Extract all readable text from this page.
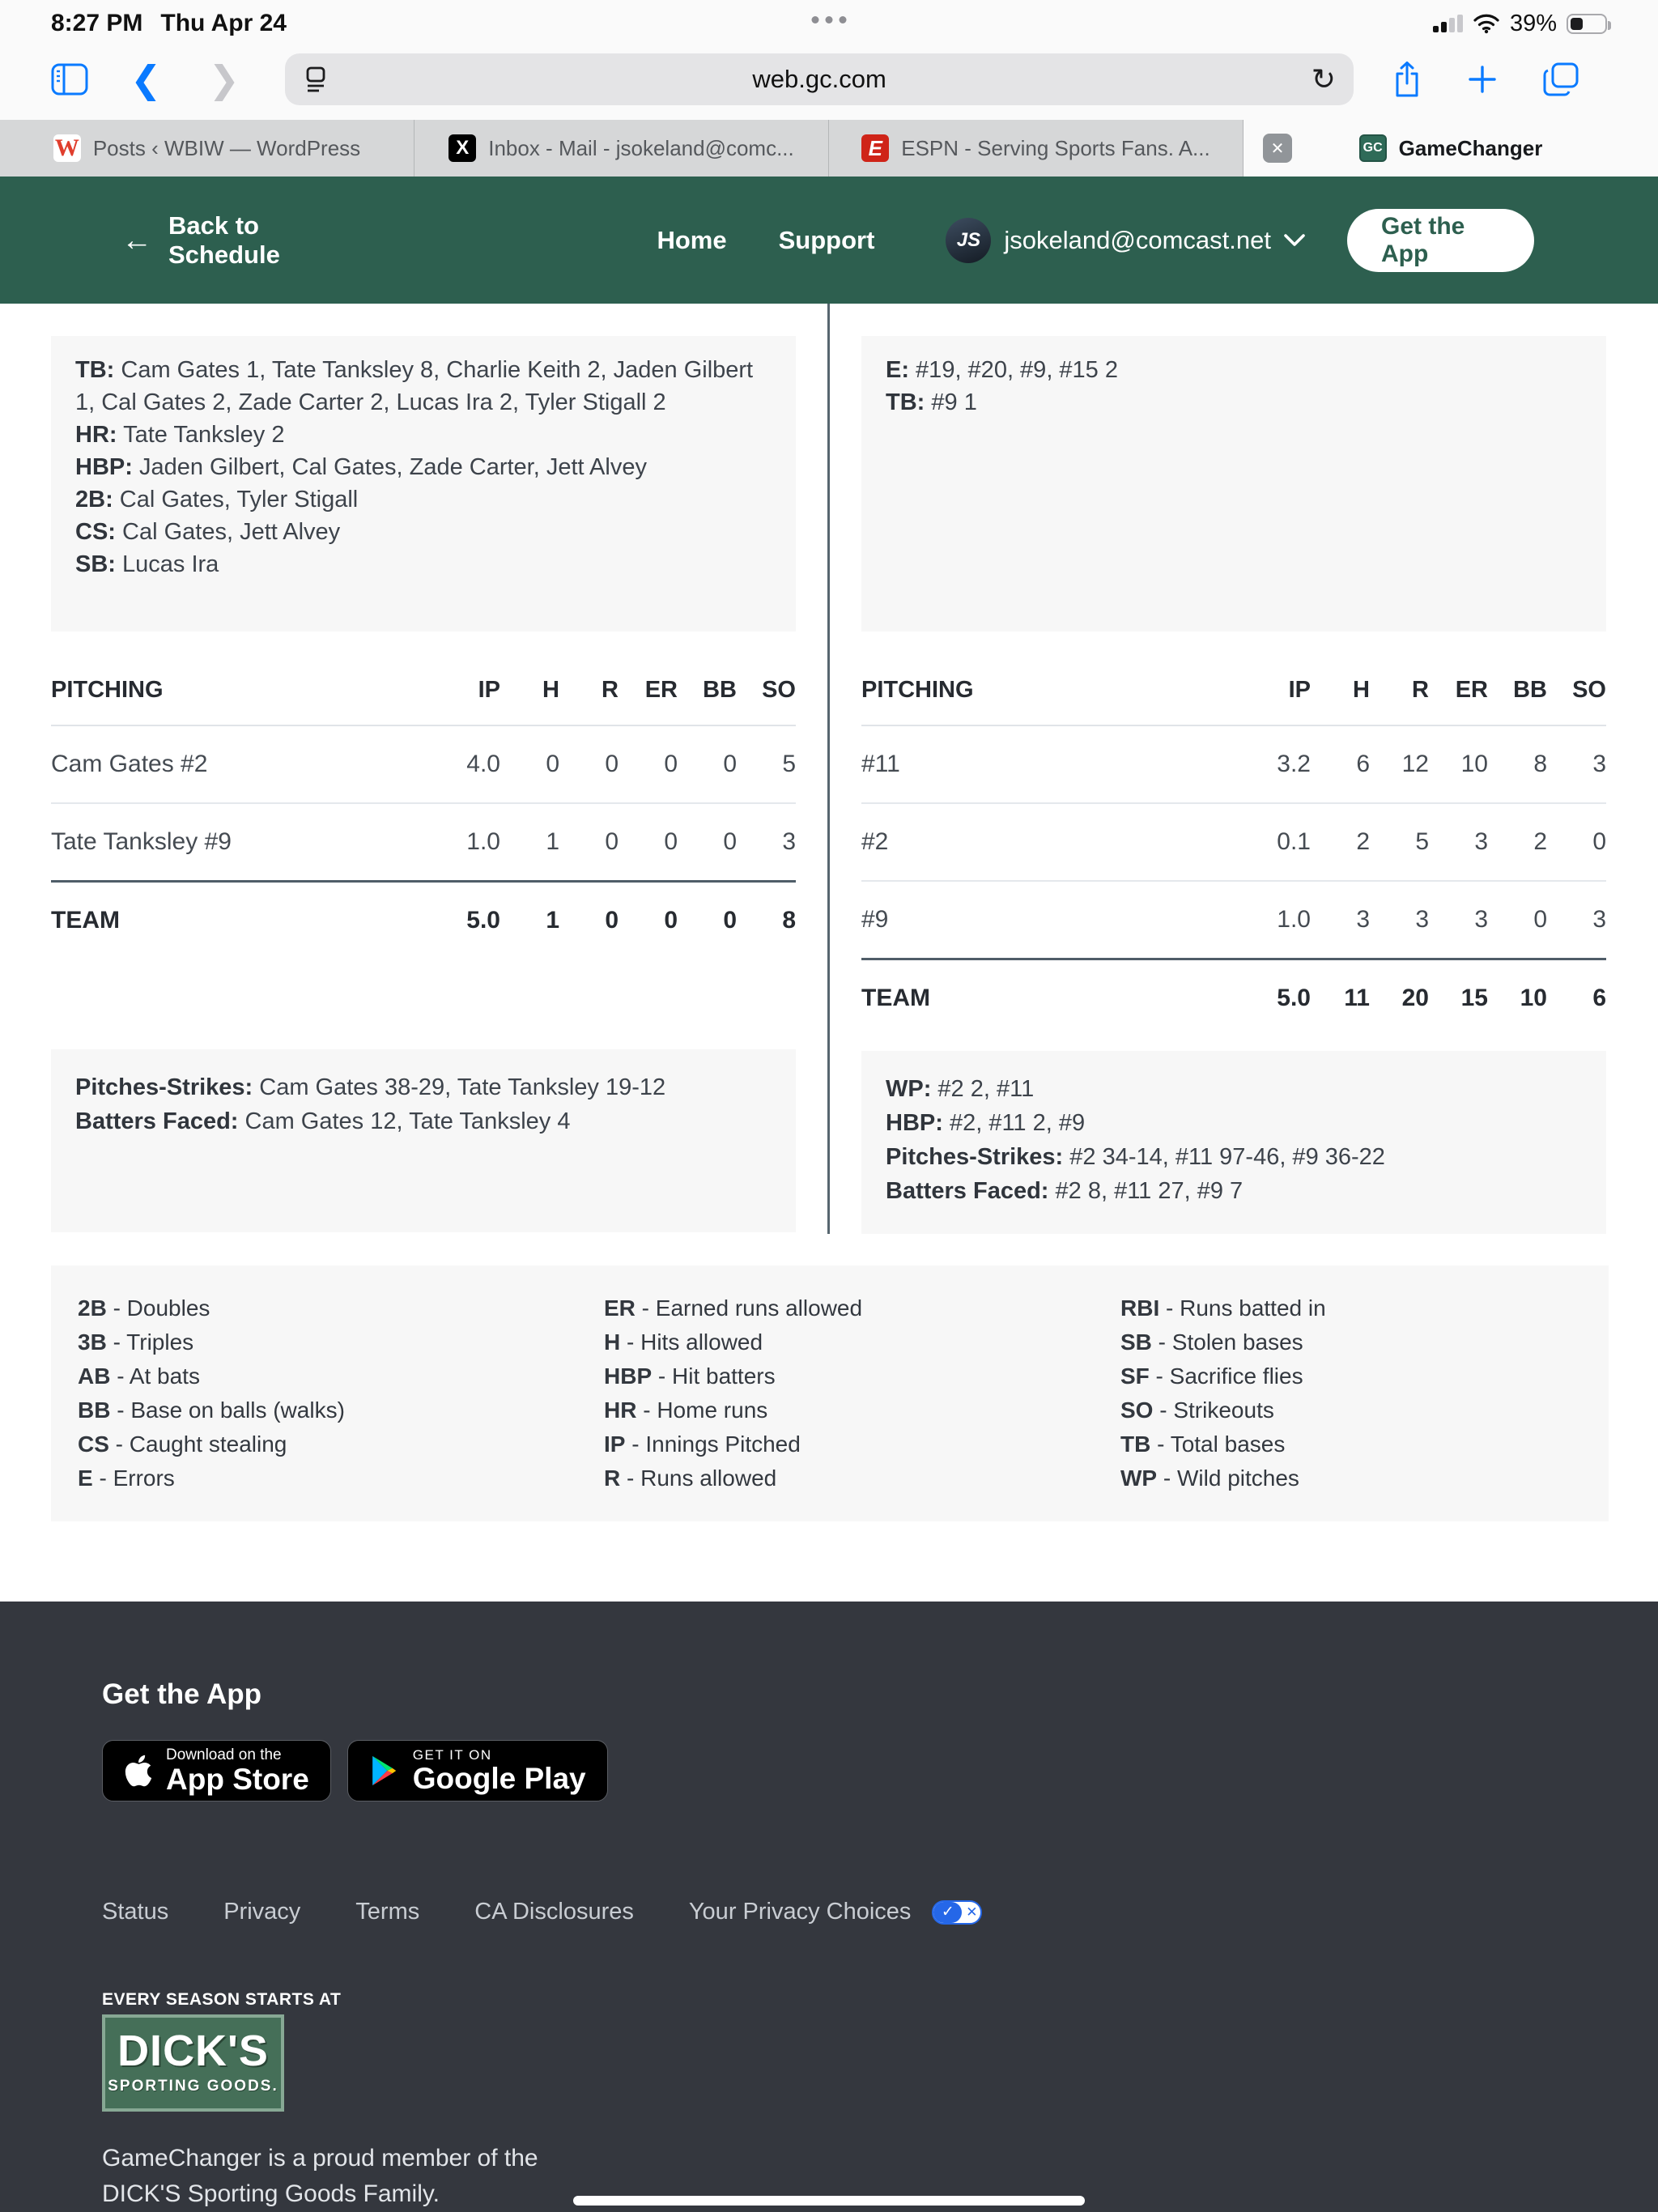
8:27 PM Thu Apr 24	39%
❮ ❯	web.gc.com	↻
W Posts ‹ WBIW — WordPress	X Inbox - Mail - jsokeland@comc...	E ESPN - Serving Sports Fans. A...	✕	GC GameChanger
← Back to Schedule
Home Support	JS jsokeland@comcast.net	Get the App
TB: Cam Gates 1, Tate Tanksley 8, Charlie Keith 2, Jaden Gilbert 1, Cal Gates 2, Zade Carter 2, Lucas Ira 2, Tyler Stigall 2
HR: Tate Tanksley 2
HBP: Jaden Gilbert, Cal Gates, Zade Carter, Jett Alvey
2B: Cal Gates, Tyler Stigall
CS: Cal Gates, Jett Alvey
SB: Lucas Ira
PITCHING	IP	H	R	ER	BB	SO
Cam Gates #2	4.0	0	0	0	0	5
Tate Tanksley #9	1.0	1	0	0	0	3
TEAM	5.0	1	0	0	0	8
Pitches-Strikes: Cam Gates 38-29, Tate Tanksley 19-12
Batters Faced: Cam Gates 12, Tate Tanksley 4
E: #19, #20, #9, #15 2
TB: #9 1
PITCHING	IP	H	R	ER	BB	SO
#11	3.2	6	12	10	8	3
#2	0.1	2	5	3	2	0
#9	1.0	3	3	3	0	3
TEAM	5.0	11	20	15	10	6
WP: #2 2, #11
HBP: #2, #11 2, #9
Pitches-Strikes: #2 34-14, #11 97-46, #9 36-22
Batters Faced: #2 8, #11 27, #9 7
2B - Doubles
3B - Triples
AB - At bats
BB - Base on balls (walks)
CS - Caught stealing
E - Errors
ER - Earned runs allowed
H - Hits allowed
HBP - Hit batters
HR - Home runs
IP - Innings Pitched
R - Runs allowed
RBI - Runs batted in
SB - Stolen bases
SF - Sacrifice flies
SO - Strikeouts
TB - Total bases
WP - Wild pitches
Get the App
Download on the
App Store
GET IT ON
Google Play
Status Privacy Terms CA Disclosures Your Privacy Choices	✓ ✕
EVERY SEASON STARTS AT
DICK'S
SPORTING GOODS.
GameChanger is a proud member of the DICK'S Sporting Goods Family.
